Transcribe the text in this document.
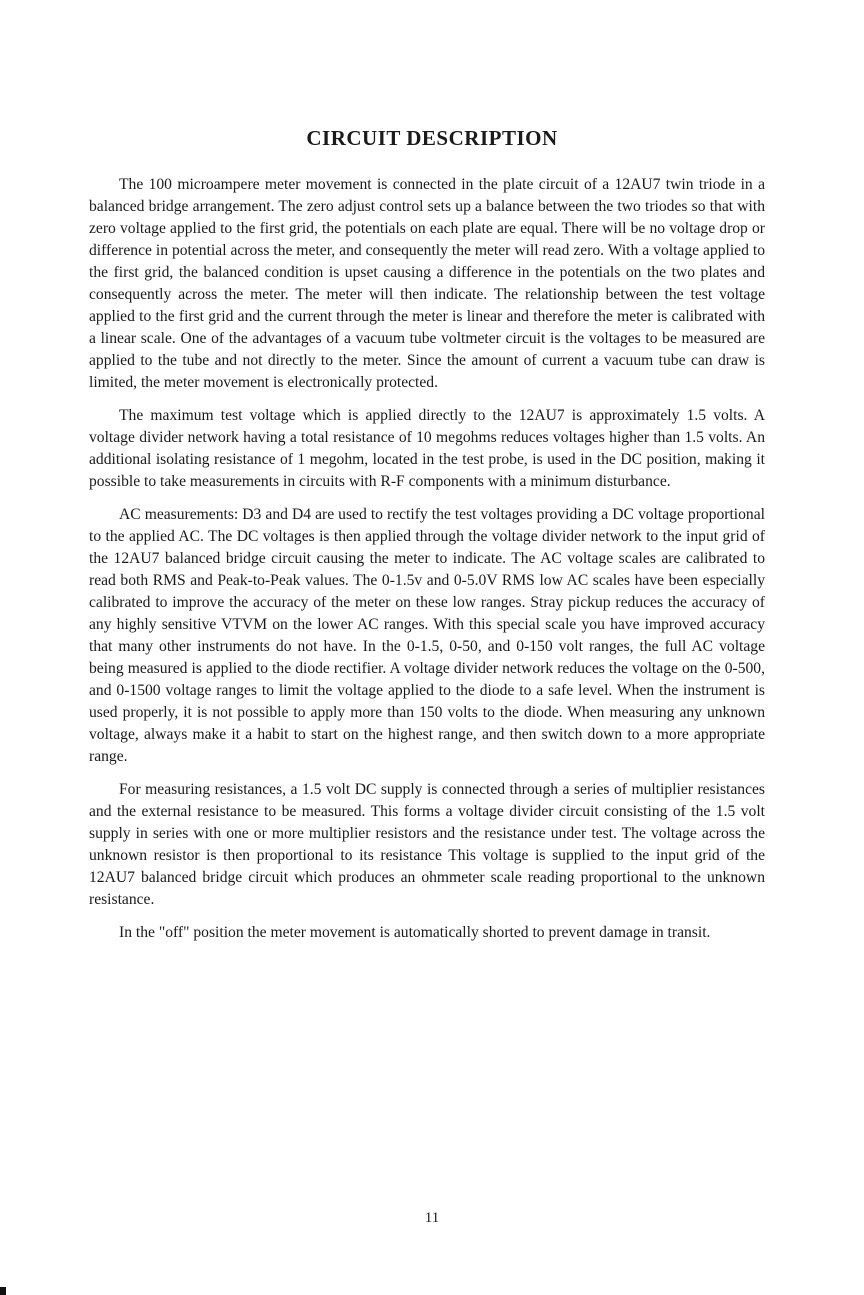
CIRCUIT DESCRIPTION

The 100 microampere meter movement is connected in the plate circuit of a 12AU7 twin triode in a balanced bridge arrangement. The zero adjust control sets up a balance between the two triodes so that with zero voltage applied to the first grid, the potentials on each plate are equal. There will be no voltage drop or difference in potential across the meter, and consequently the meter will read zero. With a voltage applied to the first grid, the balanced condition is upset causing a difference in the potentials on the two plates and consequently across the meter. The meter will then indicate. The relationship between the test voltage applied to the first grid and the current through the meter is linear and therefore the meter is calibrated with a linear scale. One of the advantages of a vacuum tube voltmeter circuit is the voltages to be measured are applied to the tube and not directly to the meter. Since the amount of current a vacuum tube can draw is limited, the meter movement is electronically protected.

The maximum test voltage which is applied directly to the 12AU7 is approximately 1.5 volts. A voltage divider network having a total resistance of 10 megohms reduces voltages higher than 1.5 volts. An additional isolating resistance of 1 megohm, located in the test probe, is used in the DC position, making it possible to take measurements in circuits with R-F components with a minimum disturbance.

AC measurements: D3 and D4 are used to rectify the test voltages providing a DC voltage proportional to the applied AC. The DC voltages is then applied through the voltage divider network to the input grid of the 12AU7 balanced bridge circuit causing the meter to indicate. The AC voltage scales are calibrated to read both RMS and Peak-to-Peak values. The 0-1.5v and 0-5.0V RMS low AC scales have been especially calibrated to improve the accuracy of the meter on these low ranges. Stray pickup reduces the accuracy of any highly sensitive VTVM on the lower AC ranges. With this special scale you have improved accuracy that many other instruments do not have. In the 0-1.5, 0-50, and 0-150 volt ranges, the full AC voltage being measured is applied to the diode rectifier. A voltage divider network reduces the voltage on the 0-500, and 0-1500 voltage ranges to limit the voltage applied to the diode to a safe level. When the instrument is used properly, it is not possible to apply more than 150 volts to the diode. When measuring any unknown voltage, always make it a habit to start on the highest range, and then switch down to a more appropriate range.

For measuring resistances, a 1.5 volt DC supply is connected through a series of multiplier resistances and the external resistance to be measured. This forms a voltage divider circuit consisting of the 1.5 volt supply in series with one or more multiplier resistors and the resistance under test. The voltage across the unknown resistor is then proportional to its resistance This voltage is supplied to the input grid of the 12AU7 balanced bridge circuit which produces an ohmmeter scale reading proportional to the unknown resistance.

In the "off" position the meter movement is automatically shorted to prevent damage in transit.

11
